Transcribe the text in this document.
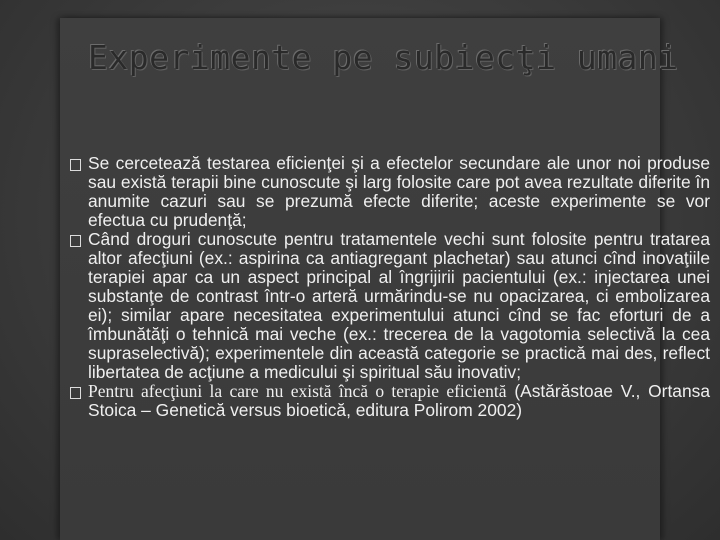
Experimente pe subiecţi umani
Se cercetează testarea eficienţei şi a efectelor secundare ale unor noi produse sau există terapii bine cunoscute şi larg folosite care pot avea rezultate diferite în anumite cazuri sau se prezumă efecte diferite; aceste experimente se vor efectua cu prudenţă;
Când droguri cunoscute pentru tratamentele vechi sunt folosite pentru tratarea altor afecţiuni (ex.: aspirina ca antiagregant plachetar) sau atunci cînd inovaţiile terapiei apar ca un aspect principal al îngrijirii pacientului (ex.: injectarea unei substanţe de contrast într-o arteră urmărindu-se nu opacizarea, ci embolizarea ei); similar apare necesitatea experimentului atunci cînd se fac eforturi de a îmbunătăţi o tehnică mai veche (ex.: trecerea de la vagotomia selectivă la cea supraselectivă); experimentele din această categorie se practică mai des, reflect libertatea de acţiune a medicului şi spiritual său inovativ;
Pentru afecţiuni la care nu există încă o terapie eficientă (Astărăstoae V., Ortansa Stoica – Genetică versus bioetică, editura Polirom 2002)
